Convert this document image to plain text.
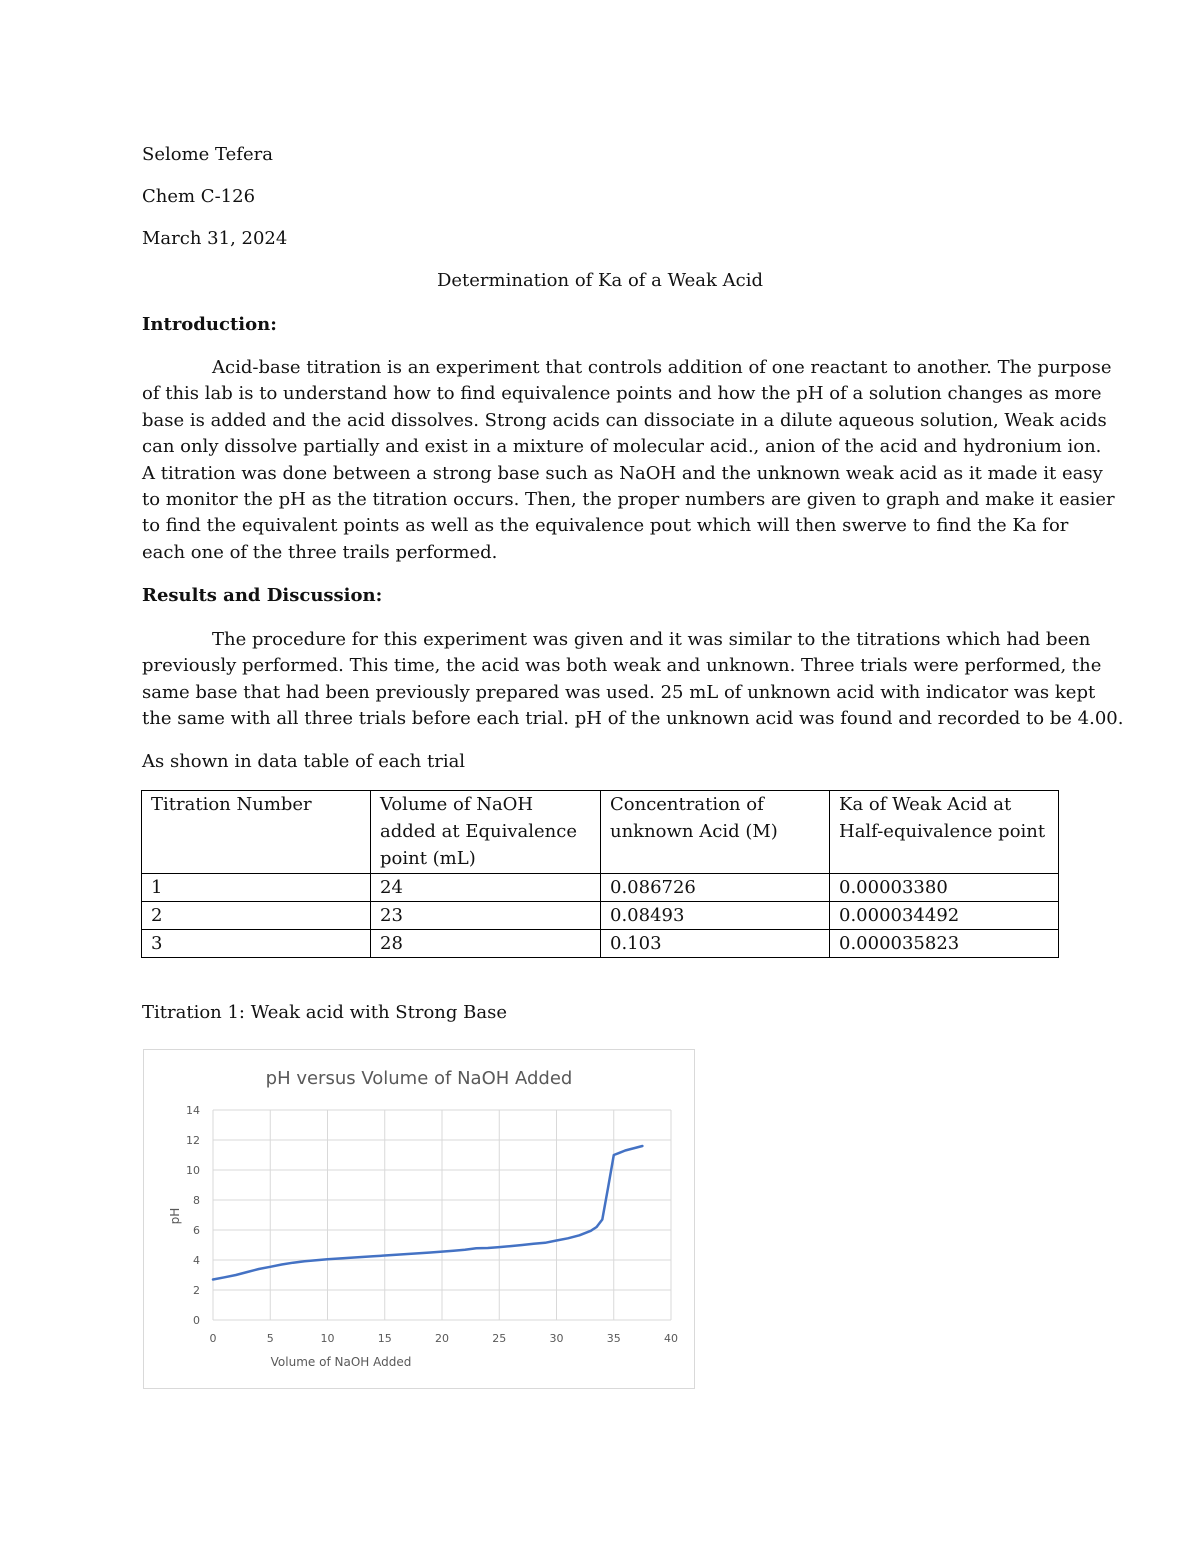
Selome Tefera
Chem C-126
March 31, 2024
Determination of Ka of a Weak Acid
Introduction:
Acid-base titration is an experiment that controls addition of one reactant to another. The purpose
of this lab is to understand how to find equivalence points and how the pH of a solution changes as more
base is added and the acid dissolves. Strong acids can dissociate in a dilute aqueous solution, Weak acids
can only dissolve partially and exist in a mixture of molecular acid., anion of the acid and hydronium ion.
A titration was done between a strong base such as NaOH and the unknown weak acid as it made it easy
to monitor the pH as the titration occurs. Then, the proper numbers are given to graph and make it easier
to find the equivalent points as well as the equivalence pout which will then swerve to find the Ka for
each one of the three trails performed.
Results and Discussion:
The procedure for this experiment was given and it was similar to the titrations which had been
previously performed. This time, the acid was both weak and unknown. Three trials were performed, the
same base that had been previously prepared was used. 25 mL of unknown acid with indicator was kept
the same with all three trials before each trial. pH of the unknown acid was found and recorded to be 4.00.
As shown in data table of each trial
Titration Number	Volume of NaOH added at Equivalence point (mL)	Concentration of unknown Acid (M)	Ka of Weak Acid at Half-equivalence point
1	24	0.086726	0.00003380
2	23	0.08493	0.000034492
3	28	0.103	0.000035823
Titration 1: Weak acid with Strong Base
pH versus Volume of NaOH Added
0	5	10	15	20	25	30	35	40
0
2
4
6
8
10
12
14
Volume of NaOH Added
pH
